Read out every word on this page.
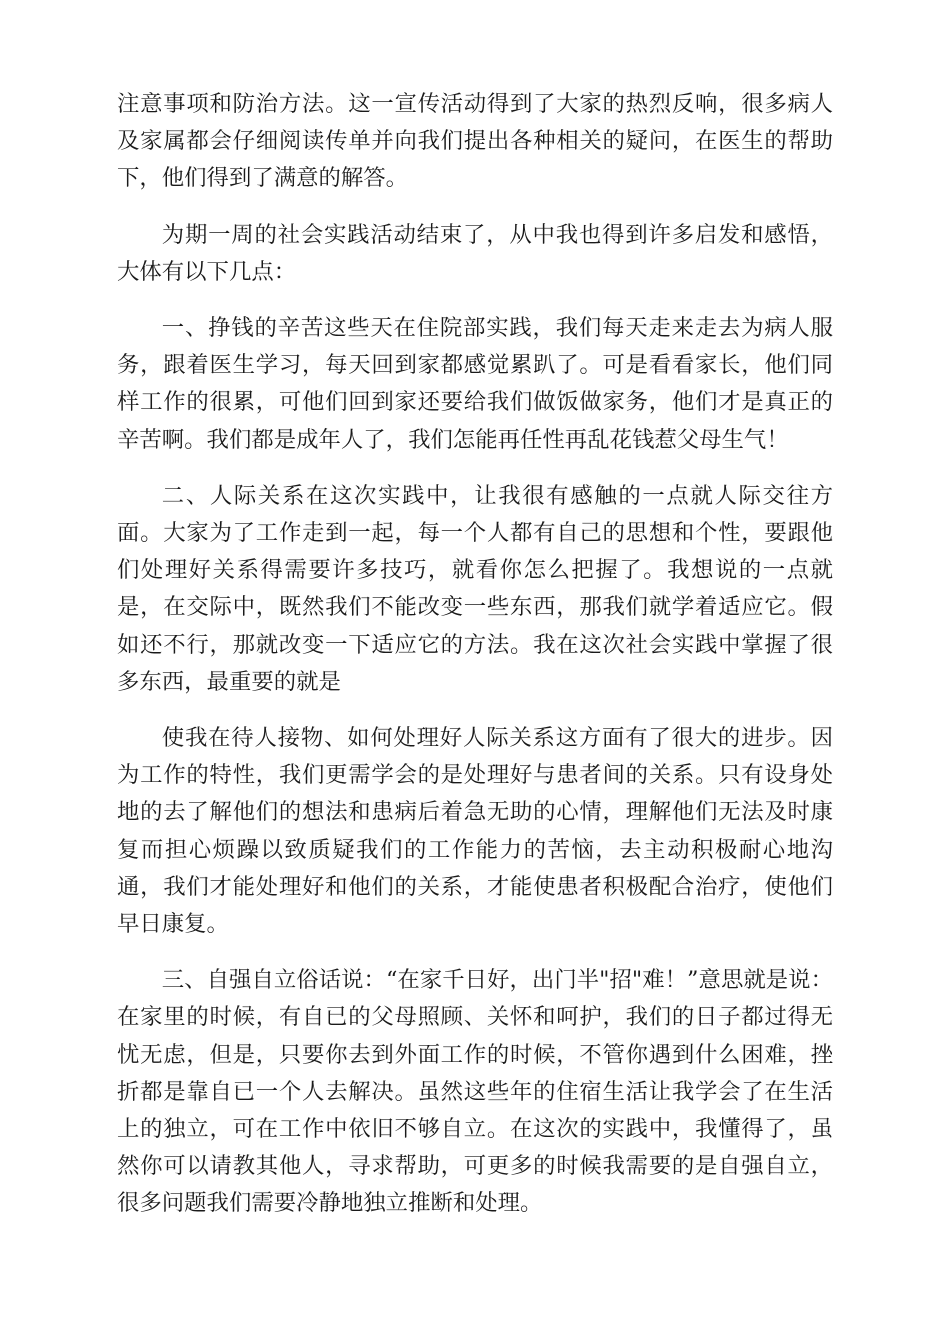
注意事项和防治方法。这一宣传活动得到了大家的热烈反响，很多病人及家属都会仔细阅读传单并向我们提出各种相关的疑问，在医生的帮助下，他们得到了满意的解答。

为期一周的社会实践活动结束了，从中我也得到许多启发和感悟，大体有以下几点：

一、挣钱的辛苦这些天在住院部实践，我们每天走来走去为病人服务，跟着医生学习，每天回到家都感觉累趴了。可是看看家长，他们同样工作的很累，可他们回到家还要给我们做饭做家务，他们才是真正的辛苦啊。我们都是成年人了，我们怎能再任性再乱花钱惹父母生气！

二、人际关系在这次实践中，让我很有感触的一点就人际交往方面。大家为了工作走到一起，每一个人都有自己的思想和个性，要跟他们处理好关系得需要许多技巧，就看你怎么把握了。我想说的一点就是，在交际中，既然我们不能改变一些东西，那我们就学着适应它。假如还不行，那就改变一下适应它的方法。我在这次社会实践中掌握了很多东西，最重要的就是

使我在待人接物、如何处理好人际关系这方面有了很大的进步。因为工作的特性，我们更需学会的是处理好与患者间的关系。只有设身处地的去了解他们的想法和患病后着急无助的心情，理解他们无法及时康复而担心烦躁以致质疑我们的工作能力的苦恼，去主动积极耐心地沟通，我们才能处理好和他们的关系，才能使患者积极配合治疗，使他们早日康复。

三、自强自立俗话说：“在家千日好，出门半"招"难！”意思就是说：在家里的时候，有自已的父母照顾、关怀和呵护，我们的日子都过得无忧无虑，但是，只要你去到外面工作的时候，不管你遇到什么困难，挫折都是靠自已一个人去解决。虽然这些年的住宿生活让我学会了在生活上的独立，可在工作中依旧不够自立。在这次的实践中，我懂得了，虽然你可以请教其他人，寻求帮助，可更多的时候我需要的是自强自立，很多问题我们需要冷静地独立推断和处理。
